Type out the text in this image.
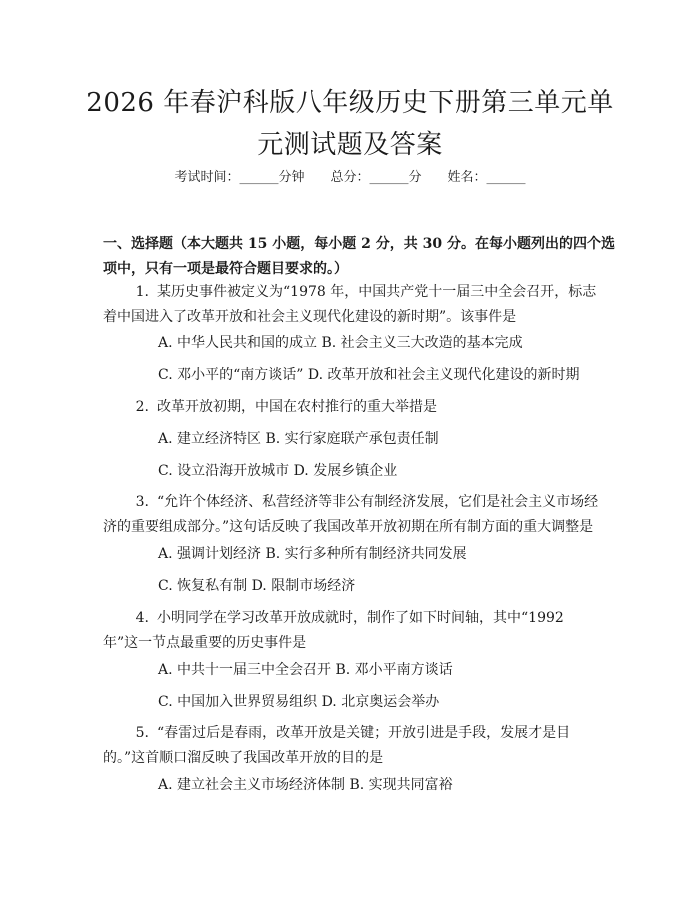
2026 年春沪科版八年级历史下册第三单元单
元测试题及答案
考试时间：______分钟 总分：______分 姓名：______
一、选择题（本大题共 15 小题，每小题 2 分，共 30 分。在每小题列出的四个选项中，只有一项是最符合题目要求的。）
1. 某历史事件被定义为“1978 年，中国共产党十一届三中全会召开，标志着中国进入了改革开放和社会主义现代化建设的新时期”。该事件是
A. 中华人民共和国的成立 B. 社会主义三大改造的基本完成
C. 邓小平的“南方谈话” D. 改革开放和社会主义现代化建设的新时期
2. 改革开放初期，中国在农村推行的重大举措是
A. 建立经济特区 B. 实行家庭联产承包责任制
C. 设立沿海开放城市 D. 发展乡镇企业
3. “允许个体经济、私营经济等非公有制经济发展，它们是社会主义市场经济的重要组成部分。”这句话反映了我国改革开放初期在所有制方面的重大调整是
A. 强调计划经济 B. 实行多种所有制经济共同发展
C. 恢复私有制 D. 限制市场经济
4. 小明同学在学习改革开放成就时，制作了如下时间轴，其中“1992 年”这一节点最重要的历史事件是
A. 中共十一届三中全会召开 B. 邓小平南方谈话
C. 中国加入世界贸易组织 D. 北京奥运会举办
5. “春雷过后是春雨，改革开放是关键；开放引进是手段，发展才是目的。”这首顺口溜反映了我国改革开放的目的是
A. 建立社会主义市场经济体制 B. 实现共同富裕
